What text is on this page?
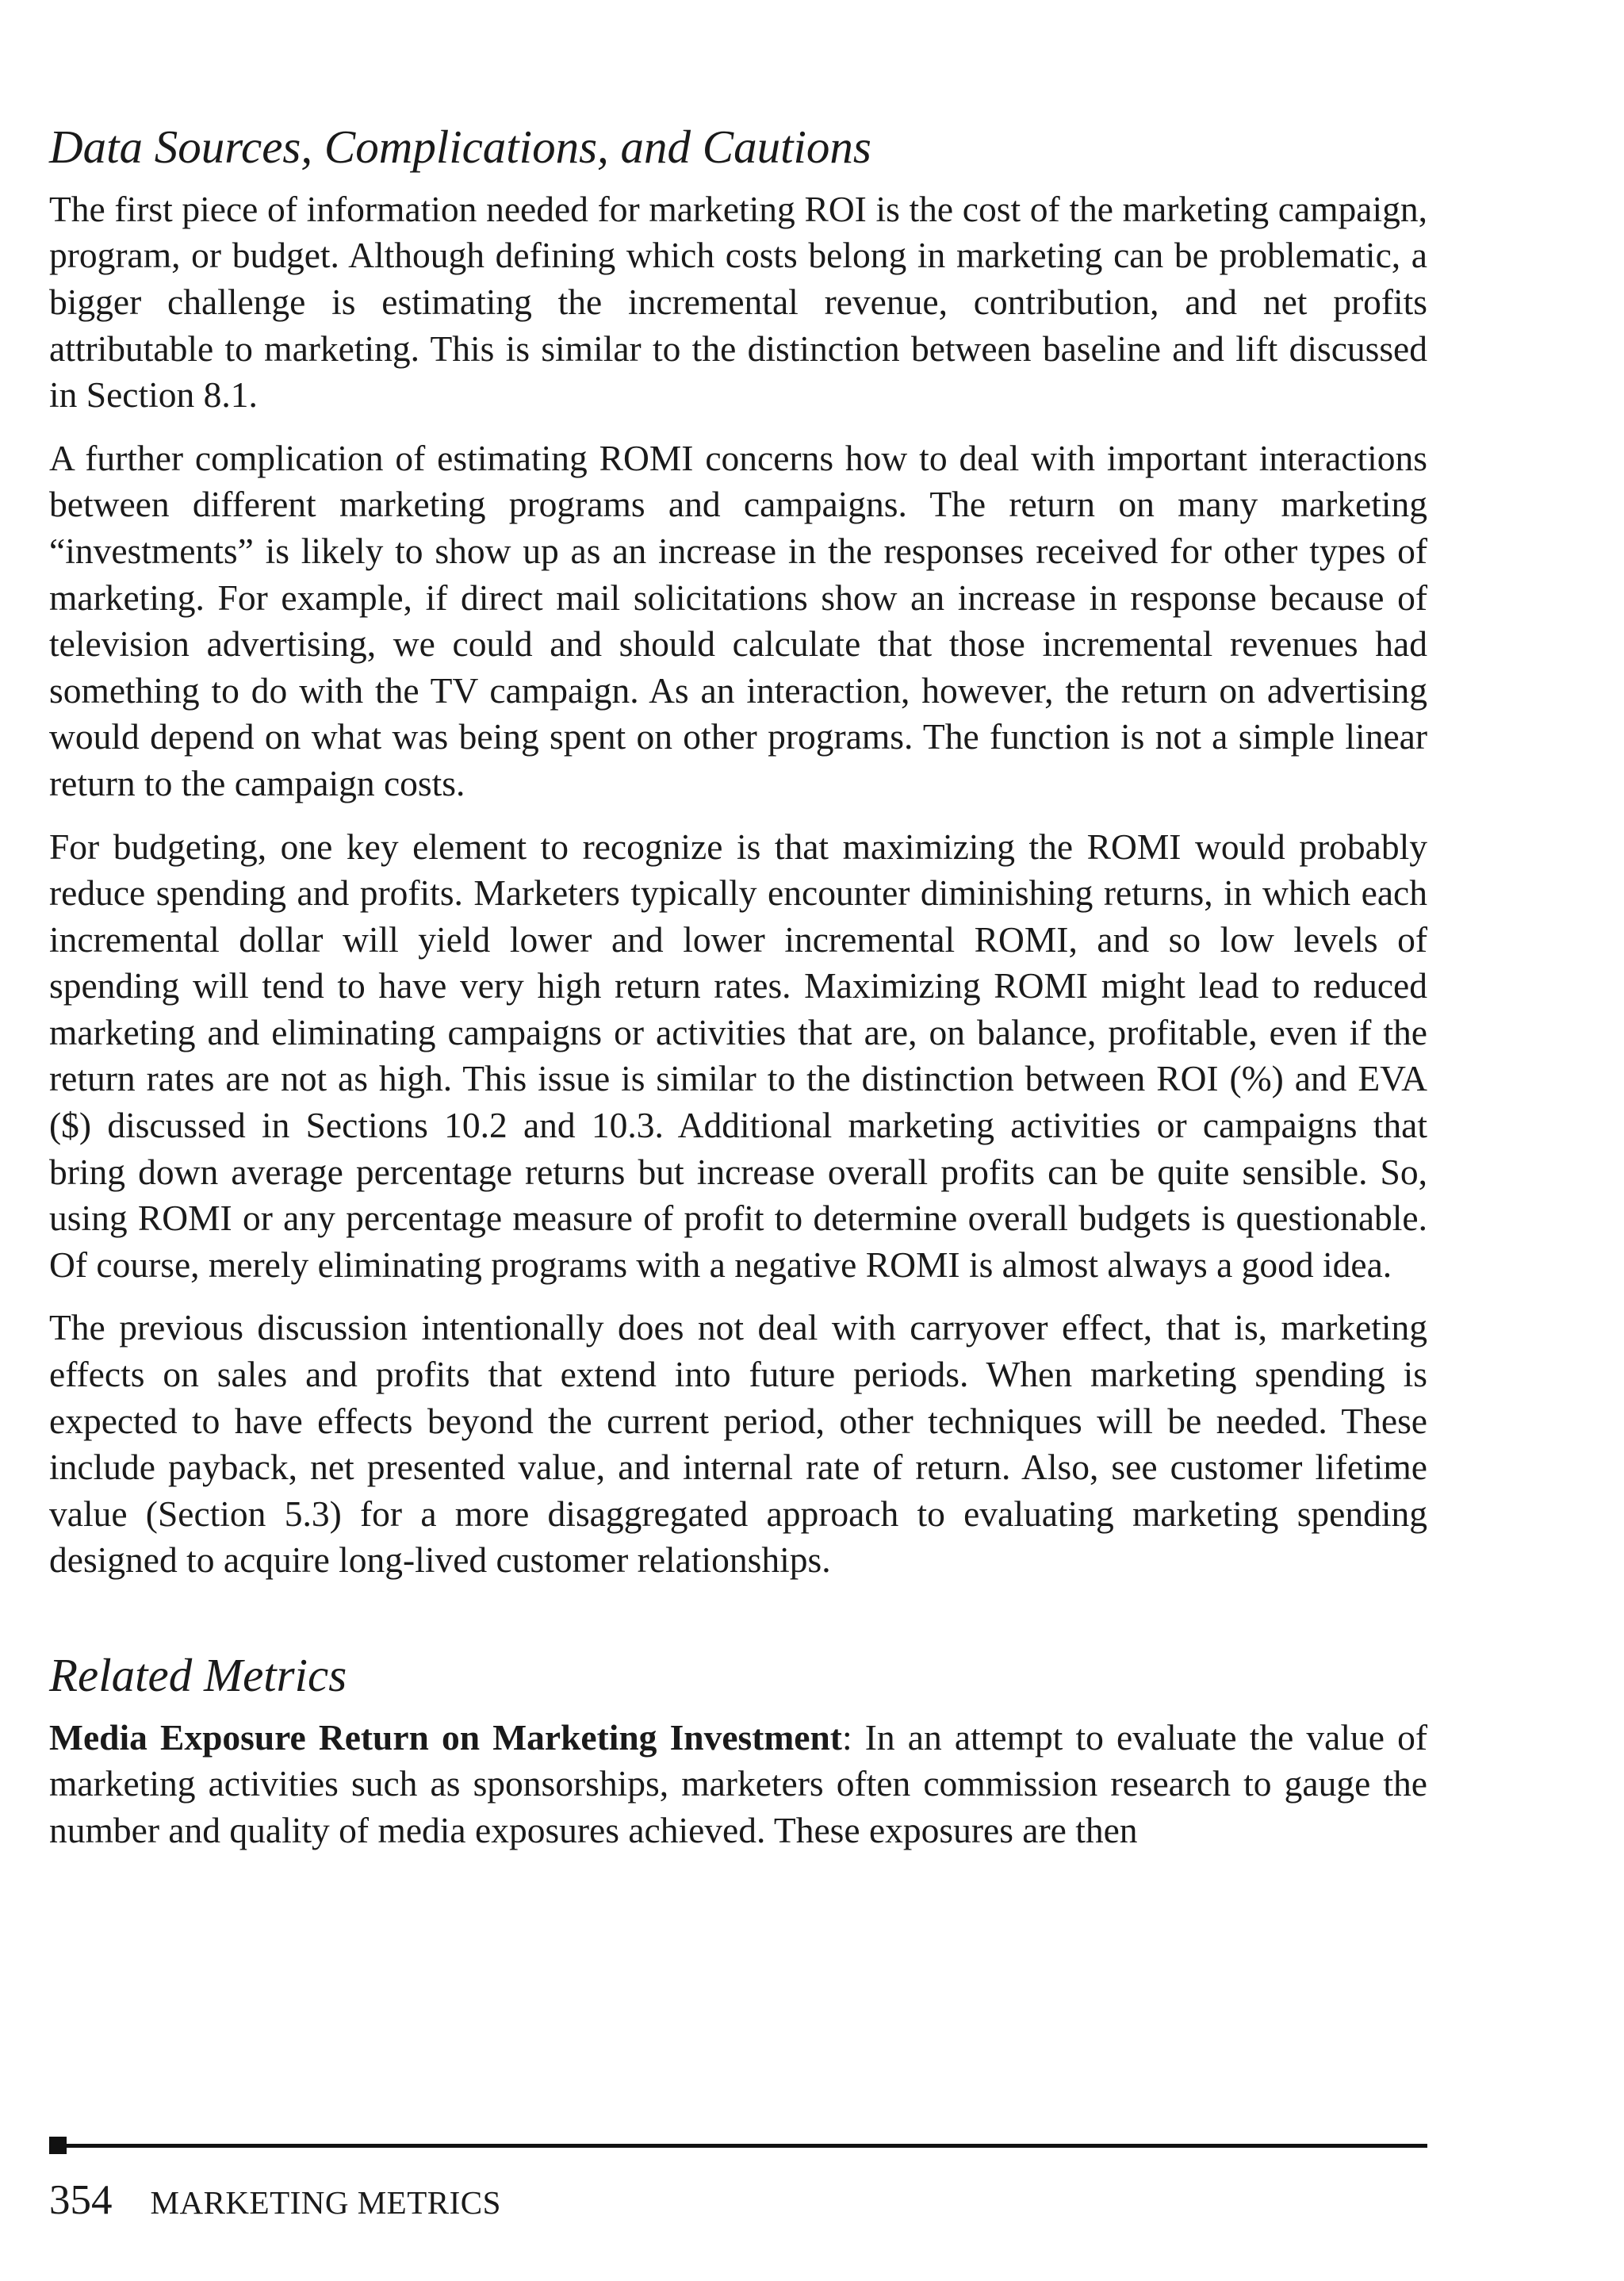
Data Sources, Complications, and Cautions

The first piece of information needed for marketing ROI is the cost of the marketing campaign, program, or budget. Although defining which costs belong in marketing can be problematic, a bigger challenge is estimating the incremental revenue, contribution, and net profits attributable to marketing. This is similar to the distinction between baseline and lift discussed in Section 8.1.

A further complication of estimating ROMI concerns how to deal with important interactions between different marketing programs and campaigns. The return on many marketing “investments” is likely to show up as an increase in the responses received for other types of marketing. For example, if direct mail solicitations show an increase in response because of television advertising, we could and should calculate that those incremental revenues had something to do with the TV campaign. As an interaction, however, the return on advertising would depend on what was being spent on other programs. The function is not a simple linear return to the campaign costs.

For budgeting, one key element to recognize is that maximizing the ROMI would probably reduce spending and profits. Marketers typically encounter diminishing returns, in which each incremental dollar will yield lower and lower incremental ROMI, and so low levels of spending will tend to have very high return rates. Maximizing ROMI might lead to reduced marketing and eliminating campaigns or activities that are, on balance, profitable, even if the return rates are not as high. This issue is similar to the distinction between ROI (%) and EVA ($) discussed in Sections 10.2 and 10.3. Additional marketing activities or campaigns that bring down average percentage returns but increase overall profits can be quite sensible. So, using ROMI or any percentage measure of profit to determine overall budgets is questionable. Of course, merely eliminating programs with a negative ROMI is almost always a good idea.

The previous discussion intentionally does not deal with carryover effect, that is, marketing effects on sales and profits that extend into future periods. When marketing spending is expected to have effects beyond the current period, other techniques will be needed. These include payback, net presented value, and internal rate of return. Also, see customer lifetime value (Section 5.3) for a more disaggregated approach to evaluating marketing spending designed to acquire long-lived customer relationships.

Related Metrics

Media Exposure Return on Marketing Investment: In an attempt to evaluate the value of marketing activities such as sponsorships, marketers often commission research to gauge the number and quality of media exposures achieved. These exposures are then

354 MARKETING METRICS
